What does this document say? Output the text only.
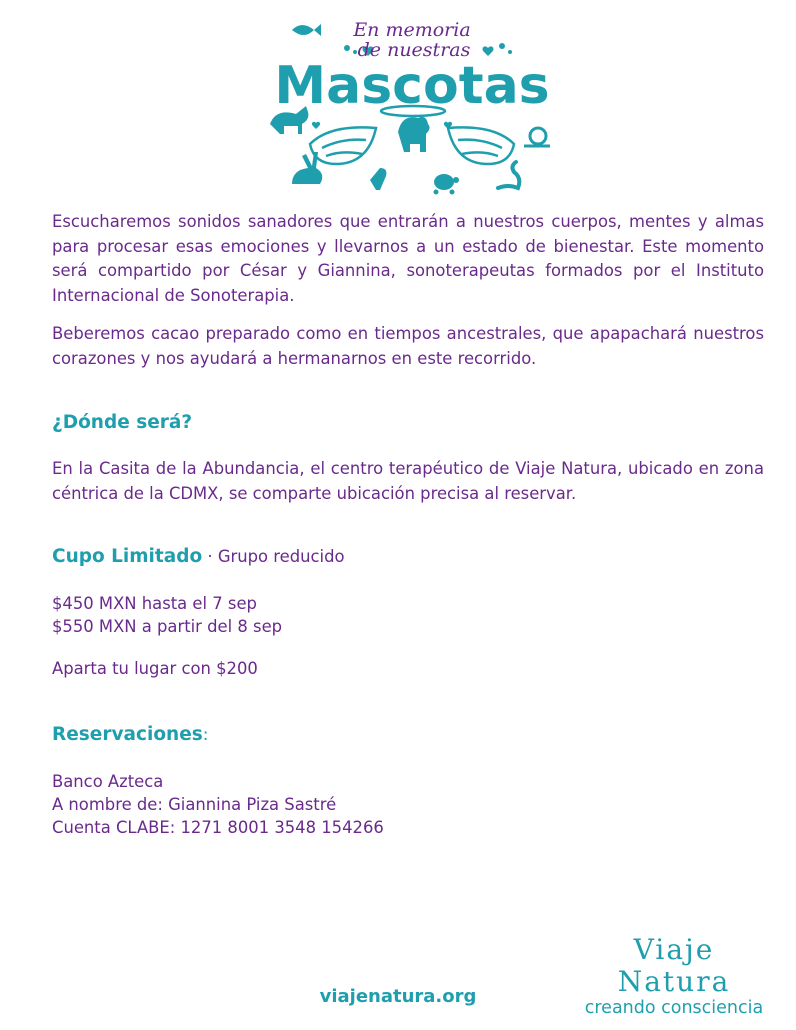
En memoria
de nuestras
Mascotas

Escucharemos sonidos sanadores que entrarán a nuestros cuerpos, mentes y almas para procesar esas emociones y llevarnos a un estado de bienestar. Este momento será compartido por César y Giannina, sonoterapeutas formados por el Instituto Internacional de Sonoterapia.

Beberemos cacao preparado como en tiempos ancestrales, que apapachará nuestros corazones y nos ayudará a hermanarnos en este recorrido.

¿Dónde será?

En la Casita de la Abundancia, el centro terapéutico de Viaje Natura, ubicado en zona céntrica de la CDMX, se comparte ubicación precisa al reservar.

Cupo Limitado · Grupo reducido
$450 MXN hasta el 7 sep
$550 MXN a partir del 8 sep
Aparta tu lugar con $200
Reservaciones:
Banco Azteca
A nombre de: Giannina Piza Sastré
Cuenta CLABE: 1271 8001 3548 154266
Viaje Natura
creando consciencia
viajenatura.org
